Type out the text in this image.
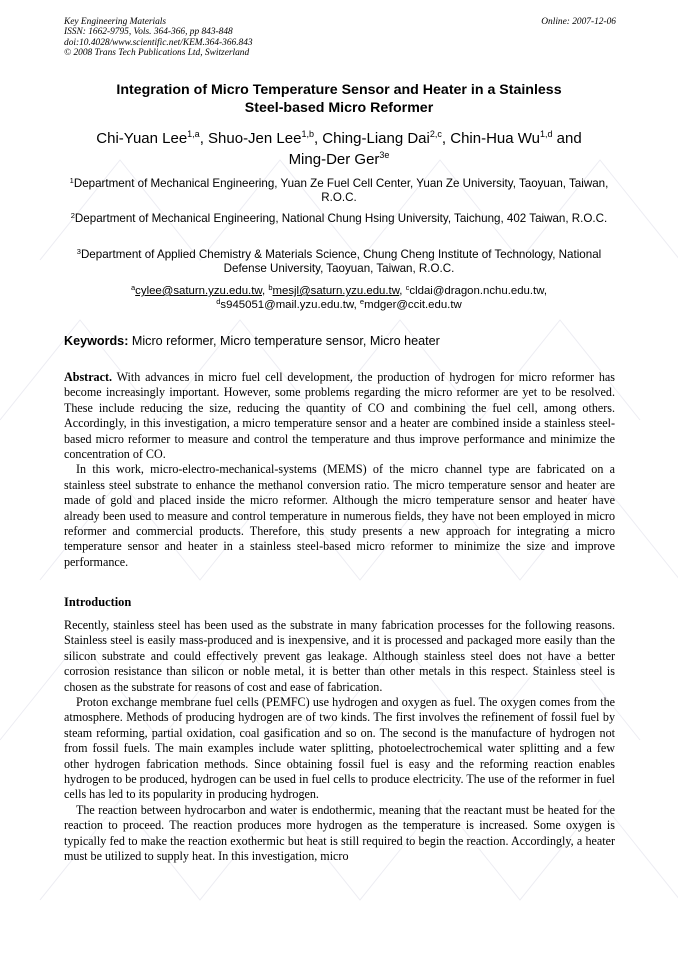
Key Engineering Materials
ISSN: 1662-9795, Vols. 364-366, pp 843-848
doi:10.4028/www.scientific.net/KEM.364-366.843
© 2008 Trans Tech Publications Ltd, Switzerland
Online: 2007-12-06
Integration of Micro Temperature Sensor and Heater in a Stainless
Steel-based Micro Reformer
Chi-Yuan Lee$^{1,a}$, Shuo-Jen Lee$^{1,b}$, Ching-Liang Dai$^{2,c}$, Chin-Hua Wu$^{1,d}$ and
Ming-Der Ger$^{3e}$
$^1$Department of Mechanical Engineering, Yuan Ze Fuel Cell Center, Yuan Ze University, Taoyuan, Taiwan, R.O.C.
$^2$Department of Mechanical Engineering, National Chung Hsing University, Taichung, 402 Taiwan, R.O.C.
$^3$Department of Applied Chemistry & Materials Science, Chung Cheng Institute of Technology, National Defense University, Taoyuan, Taiwan, R.O.C.
$^a$cylee@saturn.yzu.edu.tw, $^b$mesjl@saturn.yzu.edu.tw, $^c$cldai@dragon.nchu.edu.tw,
$^d$s945051@mail.yzu.edu.tw, $^e$mdger@ccit.edu.tw
Keywords: Micro reformer, Micro temperature sensor, Micro heater

Abstract. With advances in micro fuel cell development, the production of hydrogen for micro reformer has become increasingly important. However, some problems regarding the micro reformer are yet to be resolved. These include reducing the size, reducing the quantity of CO and combining the fuel cell, among others. Accordingly, in this investigation, a micro temperature sensor and a heater are combined inside a stainless steel-based micro reformer to measure and control the temperature and thus improve performance and minimize the concentration of CO.

In this work, micro-electro-mechanical-systems (MEMS) of the micro channel type are fabricated on a stainless steel substrate to enhance the methanol conversion ratio. The micro temperature sensor and heater are made of gold and placed inside the micro reformer. Although the micro temperature sensor and heater have already been used to measure and control temperature in numerous fields, they have not been employed in micro reformer and commercial products. Therefore, this study presents a new approach for integrating a micro temperature sensor and heater in a stainless steel-based micro reformer to minimize the size and improve performance.

Introduction

Recently, stainless steel has been used as the substrate in many fabrication processes for the following reasons. Stainless steel is easily mass-produced and is inexpensive, and it is processed and packaged more easily than the silicon substrate and could effectively prevent gas leakage. Although stainless steel does not have a better corrosion resistance than silicon or noble metal, it is better than other metals in this respect. Stainless steel is chosen as the substrate for reasons of cost and ease of fabrication.

Proton exchange membrane fuel cells (PEMFC) use hydrogen and oxygen as fuel. The oxygen comes from the atmosphere. Methods of producing hydrogen are of two kinds. The first involves the refinement of fossil fuel by steam reforming, partial oxidation, coal gasification and so on. The second is the manufacture of hydrogen not from fossil fuels. The main examples include water splitting, photoelectrochemical water splitting and a few other hydrogen fabrication methods. Since obtaining fossil fuel is easy and the reforming reaction enables hydrogen to be produced, hydrogen can be used in fuel cells to produce electricity. The use of the reformer in fuel cells has led to its popularity in producing hydrogen.

The reaction between hydrocarbon and water is endothermic, meaning that the reactant must be heated for the reaction to proceed. The reaction produces more hydrogen as the temperature is increased. Some oxygen is typically fed to make the reaction exothermic but heat is still required to begin the reaction. Accordingly, a heater must be utilized to supply heat. In this investigation, micro
